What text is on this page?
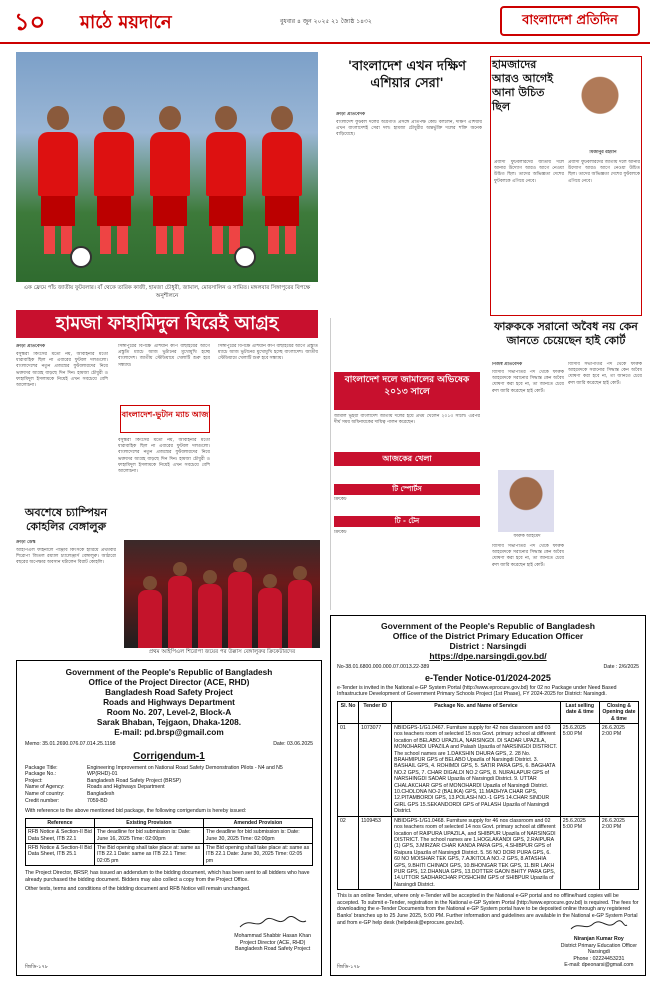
১০ মাঠে ময়দানে	বুধবার ৪ জুন ২০২৫ ২১ জ্যৈষ্ঠ ১৪৩২	বাংলাদেশ প্রতিদিন
এক ফ্রেমে পাঁচ জাতীয় ফুটবলার। বাঁ থেকে তারিক কাজী, হামজা চৌধুরী, জামাল, মোরসালিন ও সামিত। মঙ্গলবার সিঙ্গাপুরের বিপক্ষে অনুশীলনে
হামজা ফাহামিদুল ঘিরেই আগ্রহ
ক্রীড়া প্রতিবেদক
বসুন্ধরা কিংসের মতো নয়, আবাহনীর মতো ধারাবাহিক ছিল না এবারের ফুটবল দলগুলো। বাংলাদেশের নতুন প্রজন্মের ফুটবলারদের নিয়ে ভক্তদের আগ্রহ বাড়ছে দিন দিন। হামজা চৌধুরী ও ফাহামিদুল ইসলামকে নিয়েই এখন সবচেয়ে বেশি আলোচনা।
সিঙ্গাপুরের বিপক্ষে এশিয়ান কাপ বাছাইয়ের আগে প্রস্তুতি ম্যাচে আজ ভুটানের মুখোমুখি হচ্ছে বাংলাদেশ। জাতীয় স্টেডিয়ামে খেলাটি শুরু হবে সন্ধ্যায়।
বাংলাদেশ-ভুটান ম্যাচ আজ
বসুন্ধরা কিংসের মতো নয়, আবাহনীর মতো ধারাবাহিক ছিল না এবারের ফুটবল দলগুলো। বাংলাদেশের নতুন প্রজন্মের ফুটবলারদের নিয়ে ভক্তদের আগ্রহ বাড়ছে দিন দিন। হামজা চৌধুরী ও ফাহামিদুল ইসলামকে নিয়েই এখন সবচেয়ে বেশি আলোচনা।
সিঙ্গাপুরের বিপক্ষে এশিয়ান কাপ বাছাইয়ের আগে প্রস্তুতি ম্যাচে আজ ভুটানের মুখোমুখি হচ্ছে বাংলাদেশ। জাতীয় স্টেডিয়ামে খেলাটি শুরু হবে সন্ধ্যায়।
অবশেষে চ্যাম্পিয়ন কোহলির বেঙ্গালুরু
ক্রীড়া ডেস্ক
আইপিএল ফাইনালে পাঞ্জাব কিংসকে হারিয়ে প্রথমবার শিরোপা জিতল রয়্যাল চ্যালেঞ্জার্স বেঙ্গালুরু। আঠারো বছরের অপেক্ষার অবসান ঘটালেন বিরাট কোহলি।
প্রথম আইপিএল শিরোপা জয়ের পর উল্লাস বেঙ্গালুরুর ক্রিকেটারদের
'বাংলাদেশ এখন দক্ষিণ এশিয়ার সেরা'
ক্রীড়া প্রতিবেদক
বাংলাদেশ ফুটবল দলের অগ্রগতি প্রসঙ্গে প্রতিপক্ষ কোচ বললেন, দক্ষিণ এশিয়ায় এখন বাংলাদেশই সেরা দল। হামজা চৌধুরীর অন্তর্ভুক্তি দলের শক্তি অনেক বাড়িয়েছে।
হামজাদের আরও আগেই আনা উচিত ছিল
মিজানুর রহমান
প্রবাসী ফুটবলারদের জাতীয় দলে আনার উদ্যোগ আরও আগে নেওয়া উচিত ছিল। তাদের অভিজ্ঞতা দেশের ফুটবলকে এগিয়ে নেবে।
প্রবাসী ফুটবলারদের জাতীয় দলে আনার উদ্যোগ আরও আগে নেওয়া উচিত ছিল। তাদের অভিজ্ঞতা দেশের ফুটবলকে এগিয়ে নেবে।
বাংলাদেশ দলে জামালের অভিষেক ২০১৩ সালে
জামাল ভূঁইয়া বাংলাদেশ জাতীয় দলের হয়ে প্রথম খেলেন ২০১৩ সালে। এরপর দীর্ঘ সময় অধিনায়কের দায়িত্ব পালন করেছেন।
আজকের খেলা
টি স্পোর্টস
টি - টেন
ক্রিকেট
ক্রিকেট
ফারুককে সরানো অবৈধ নয় কেন জানতে চেয়েছেন হাই কোর্ট
নিজস্ব প্রতিবেদক
বিসিবি সভাপতির পদ থেকে ফারুক আহমেদকে সরানোর সিদ্ধান্ত কেন অবৈধ ঘোষণা করা হবে না, তা জানতে চেয়ে রুল জারি করেছেন হাই কোর্ট।
বিসিবি সভাপতির পদ থেকে ফারুক আহমেদকে সরানোর সিদ্ধান্ত কেন অবৈধ ঘোষণা করা হবে না, তা জানতে চেয়ে রুল জারি করেছেন হাই কোর্ট।
ফারুক আহমেদ
বিসিবি সভাপতির পদ থেকে ফারুক আহমেদকে সরানোর সিদ্ধান্ত কেন অবৈধ ঘোষণা করা হবে না, তা জানতে চেয়ে রুল জারি করেছেন হাই কোর্ট।
Government of the People's Republic of Bangladesh
Office of the Project Director (ACE, RHD)
Bangladesh Road Safety Project
Roads and Highways Department
Room No. 207, Level-2, Block-A
Sarak Bhaban, Tejgaon, Dhaka-1208.
E-mail: pd.brsp@gmail.com
Memo: 35.01.2690.076.07.014.25.1198	Date: 03.06.2025
Corrigendum-1
Package Title:	Engineering Improvement on National Road Safety Demonstration Pilots - N4 and N5
Package No.:	WP(RHD)-01
Project:	Bangladesh Road Safety Project (BRSP)
Name of Agency:	Roads and Highways Department
Name of country:	Bangladesh
Credit number:	7059-BD
With reference to the above mentioned bid package, the following corrigendum is hereby issued:
Reference	Existing Provision	Amended Provision
RFB Notice & Section-II Bid Data Sheet, ITB 22.1	The deadline for bid submission is: Date: June 16, 2025 Time: 02:00pm	The deadline for bid submission is: Date: June 30, 2025 Time: 02:00pm
RFB Notice & Section-II Bid Data Sheet, ITB 25.1	The Bid opening shall take place at: same as ITB 22.1 Date: same as ITB 22.1 Time: 02:05 pm	The Bid opening shall take place at: same as ITB 22.1 Date: June 30, 2025 Time: 02:05 pm
The Project Director, BRSP, has issued an addendum to the bidding document, which has been sent to all bidders who have already purchased the bidding document. Bidders may also collect a copy from the Project Office.
Other texts, terms and conditions of the bidding document and RFB Notice will remain unchanged.
Mohammad Shabbir Hasan Khan
Project Director (ACE, RHD)
Bangladesh Road Safety Project
জিডি-১৭৮
Government of the People's Republic of Bangladesh
Office of the District Primary Education Officer
District : Narsingdi
https://dpe.narsingdi.gov.bd/
No-38.01.6800.000.000.07.0013.22-389	Date : 2/6/2025
e-Tender Notice-01/2024-2025
e-Tender is invited in the National e-GP System Portal (http://www.eprocure.gov.bd) for 02 no Package under Need Based Infrastructure Development of Government Primary Schools Project (1st Phase), FY 2024-2025 for District: Narsingdi.
Sl. No	Tender ID	Package No. and Name of Service	Last selling date & time	Closing & Opening date & time
01	1073077	NBIDGPS-1/G1.0467. Furniture supply for 42 nos classroom and 03 nos teachers room of selected 15 nos Govt. primary school at different location of BELABO UPAZILA, NARSINGDI. DI SADAR UPAZILA, MONOHARDI UPAZILA and Palash Upazila of NARSINGDI DISTRICT. The school names are 1.DAKSHIN DHURA GPS, 2. 28 No. BRAHMIPUR GPS of BELABO Upazila of Narsingdi District. 3. BASHAIL GPS, 4. ROHIMDI GPS, 5. SATIR PARA GPS, 6. BAGHATA NO.2 GPS, 7. CHAR DIGALDI NO.2 GPS, 8. NURALAPUR GPS of NARSHINGDI SADAR Upazila of Narsingdi District. 9. UTTAR CHALAKCHAR GPS of MONOHARDI Upazila of Narsingdi District. 10.CHOLONA NO-2 (BALIKA) GPS, 11.MADHYA CHAR GPS, 12.PITAMBORDI GPS, 13.POLASH NO.-1 GPS 14.CHAR SINDUR GIRL GPS 15.SEKANDORDI GPS of PALASH Upazila of Narsingdi District.	25.6.2025 5:00 PM	26.6.2025 2:00 PM
02	1109453	NBIDGPS-1/G1.0468. Furniture supply for 46 nos classroom and 02 nos teachers room of selected 14 nos Govt. primary school at different location of RAIPURA UPAZILA, and SHIBPUR Upazila of NARSINGDI DISTRICT. The school names are 1.HOGLAKANDI GPS, 2.RAIPURA (1) GPS, 3.MIRZAR CHAR KANDA PARA GPS, 4.SHIBPUR GPS of Raipura Upazila of Narsingdi District. 5. 56 NO DORI PURA GPS, 6. 60 NO MOISHAR TEK GPS, 7.AJKITOLA NO.-2 GPS, 8.ATASHIA GPS, 9.BHITI CHINADI GPS, 10.BHONGAR TEK GPS, 11.BIR LAKH PUR GPS, 12.DHANUA GPS, 13.DOTTER GAON BHITY PARA GPS, 14.UTTOR SADHARCHAR POSHCHIM GPS of SHIBPUR Upazila of Narsingdi District.	25.6.2025 5:00 PM	26.6.2025 2:00 PM
This is an online Tender, where only e-Tender will be accepted in the National e-GP portal and no offline/hard copies will be accepted. To submit e-Tender, registration in the National e-GP System Portal (http://www.eprocure.gov.bd) is required. The fees for downloading the e-Tender Documents from the National e-GP System portal have to be deposited online through any registered Banks' branches up to 25 June 2025, 5:00 PM. Further information and guidelines are available in the National e-GP System Portal and from e-GP help desk (helpdesk@eprocure.gov.bd).
Niranjan Kumar Roy
District Primary Education Officer
Narsingdi
Phone : 02224453231
E-mail: dpeonarsi@gmail.com
জিডি-১৭৮
